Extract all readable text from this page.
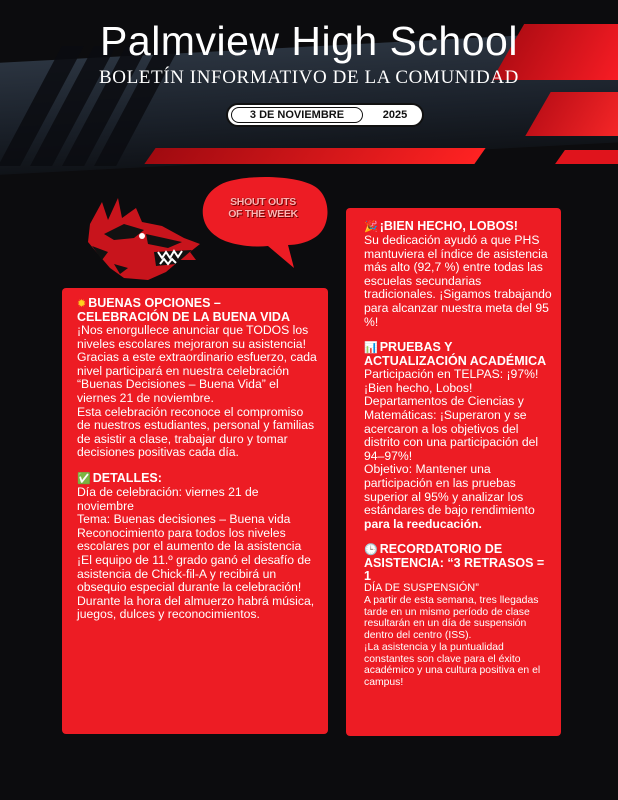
Palmview High School
BOLETÍN INFORMATIVO DE LA COMUNIDAD
3 DE NOVIEMBRE	2025
SHOUT OUTS
OF THE WEEK
✹ BUENAS OPCIONES –
CELEBRACIÓN DE LA BUENA VIDA
¡Nos enorgullece anunciar que TODOS los niveles escolares mejoraron su asistencia! Gracias a este extraordinario esfuerzo, cada nivel participará en nuestra celebración “Buenas Decisiones – Buena Vida” el viernes 21 de noviembre.
Esta celebración reconoce el compromiso de nuestros estudiantes, personal y familias de asistir a clase, trabajar duro y tomar decisiones positivas cada día.
✅ DETALLES:
Día de celebración: viernes 21 de noviembre
Tema: Buenas decisiones – Buena vida
Reconocimiento para todos los niveles escolares por el aumento de la asistencia
¡El equipo de 11.º grado ganó el desafío de asistencia de Chick-fil-A y recibirá un obsequio especial durante la celebración!
Durante la hora del almuerzo habrá música, juegos, dulces y reconocimientos.
🎉 ¡BIEN HECHO, LOBOS!
Su dedicación ayudó a que PHS mantuviera el índice de asistencia más alto (92,7 %) entre todas las escuelas secundarias tradicionales. ¡Sigamos trabajando para alcanzar nuestra meta del 95 %!
📊 PRUEBAS Y
ACTUALIZACIÓN ACADÉMICA
Participación en TELPAS: ¡97%! ¡Bien hecho, Lobos!
Departamentos de Ciencias y Matemáticas: ¡Superaron y se acercaron a los objetivos del distrito con una participación del 94–97%!
Objetivo: Mantener una participación en las pruebas superior al 95% y analizar los estándares de bajo rendimiento para la reeducación.
🕒 RECORDATORIO DE
ASISTENCIA: “3 RETRASOS = 1
DÍA DE SUSPENSIÓN”
A partir de esta semana, tres llegadas tarde en un mismo período de clase resultarán en un día de suspensión dentro del centro (ISS).
¡La asistencia y la puntualidad constantes son clave para el éxito académico y una cultura positiva en el campus!
